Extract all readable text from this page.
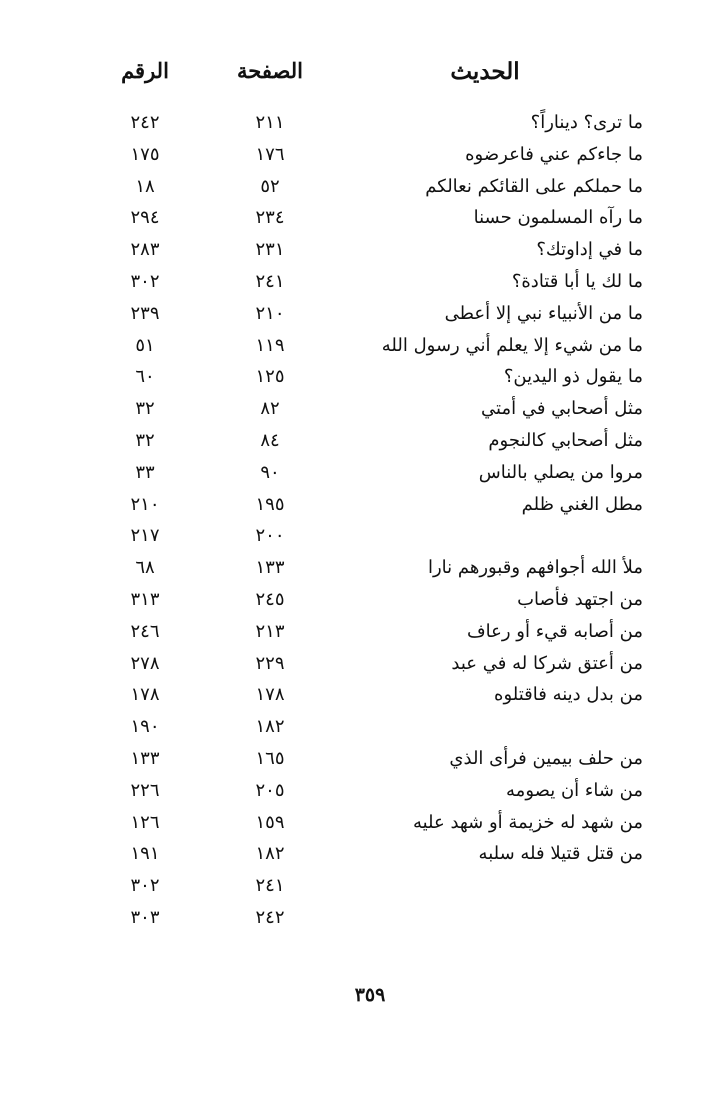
الحديث
الصفحة
الرقم
ما ترى؟ ديناراً؟
٢١١
٢٤٢
ما جاءكم عني فاعرضوه
١٧٦
١٧٥
ما حملكم على القائكم نعالكم
٥٢
١٨
ما رآه المسلمون حسنا
٢٣٤
٢٩٤
ما في إداوتك؟
٢٣١
٢٨٣
ما لك يا أبا قتادة؟
٢٤١
٣٠٢
ما من الأنبياء نبي إلا أعطى
٢١٠
٢٣٩
ما من شيء إلا يعلم أني رسول الله
١١٩
٥١
ما يقول ذو اليدين؟
١٢٥
٦٠
مثل أصحابي في أمتي
٨٢
٣٢
مثل أصحابي كالنجوم
٨٤
٣٢
مروا من يصلي بالناس
٩٠
٣٣
مطل الغني ظلم
١٩٥
٢١٠
٢٠٠
٢١٧
ملأ الله أجوافهم وقبورهم نارا
١٣٣
٦٨
من اجتهد فأصاب
٢٤٥
٣١٣
من أصابه قيء أو رعاف
٢١٣
٢٤٦
من أعتق شركا له في عبد
٢٢٩
٢٧٨
من بدل دينه فاقتلوه
١٧٨
١٧٨
١٨٢
١٩٠
من حلف بيمين فرأى الذي
١٦٥
١٣٣
من شاء أن يصومه
٢٠٥
٢٢٦
من شهد له خزيمة أو شهد عليه
١٥٩
١٢٦
من قتل قتيلا فله سلبه
١٨٢
١٩١
٢٤١
٣٠٢
٢٤٢
٣٠٣
٣٥٩
